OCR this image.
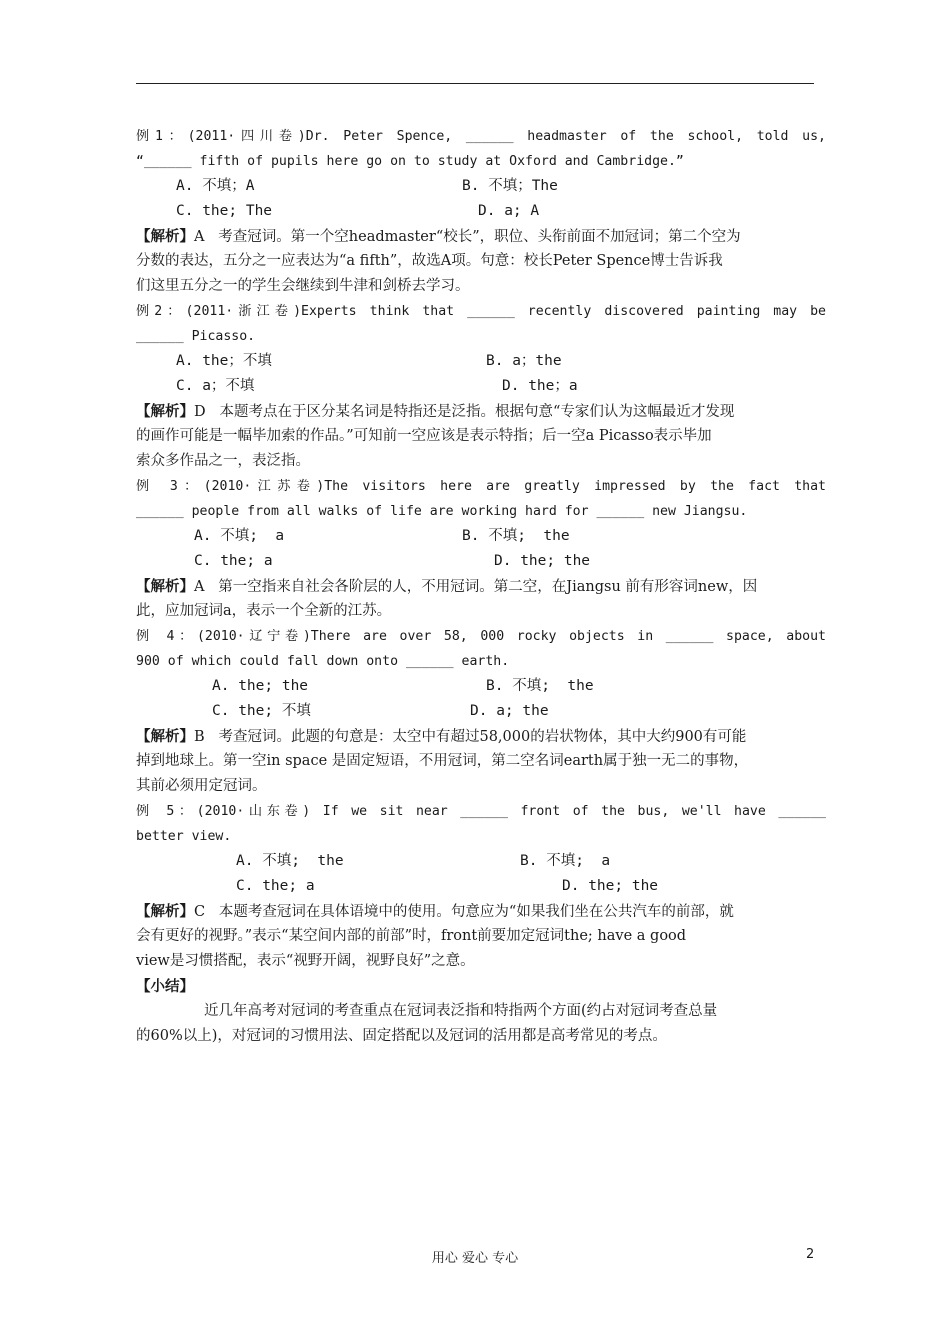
例1：(2011·四川卷)Dr. Peter Spence, ______ headmaster of the school, told us,
“______ fifth of pupils here go on to study at Oxford and Cambridge.”
A. 不填；A	B. 不填；The
C. the; The	D. a; A
【解析】A   考查冠词。第一个空headmaster“校长”，职位、头衔前面不加冠词；第二个空为
分数的表达，五分之一应表达为“a fifth”，故选A项。句意：校长Peter Spence博士告诉我
们这里五分之一的学生会继续到牛津和剑桥去学习。
例2：(2011·浙江卷)Experts think that ______ recently discovered painting may be
______ Picasso.
A. the；不填	B. a；the
C. a；不填	D. the；a
【解析】D   本题考点在于区分某名词是特指还是泛指。根据句意“专家们认为这幅最近才发现
的画作可能是一幅毕加索的作品。”可知前一空应该是表示特指；后一空a Picasso表示毕加
索众多作品之一，表泛指。
例 3：(2010·江苏卷)The visitors here are greatly impressed by the fact that
______ people from all walks of life are working hard for ______ new Jiangsu.
A. 不填;  a	B. 不填;  the
C. the; a	D. the; the
【解析】A   第一空指来自社会各阶层的人，不用冠词。第二空，在Jiangsu 前有形容词new，因
此，应加冠词a，表示一个全新的江苏。
例 4：(2010·辽宁卷)There are over 58, 000 rocky objects in ______ space, about
900 of which could fall down onto ______ earth.
A. the; the	B. 不填;  the
C. the; 不填	D. a; the
【解析】B   考查冠词。此题的句意是：太空中有超过58,000的岩状物体，其中大约900有可能
掉到地球上。第一空in space 是固定短语，不用冠词，第二空名词earth属于独一无二的事物，
其前必须用定冠词。
例 5：(2010·山东卷) If we sit near ______ front of the bus, we'll have ______
better view.
A. 不填;  the	B. 不填;  a
C. the; a	D. the; the
【解析】C   本题考查冠词在具体语境中的使用。句意应为“如果我们坐在公共汽车的前部，就
会有更好的视野。”表示“某空间内部的前部”时，front前要加定冠词the; have a good
view是习惯搭配，表示“视野开阔，视野良好”之意。
【小结】
近几年高考对冠词的考查重点在冠词表泛指和特指两个方面(约占对冠词考查总量
的60%以上)，对冠词的习惯用法、固定搭配以及冠词的活用都是高考常见的考点。
用心 爱心 专心	2
